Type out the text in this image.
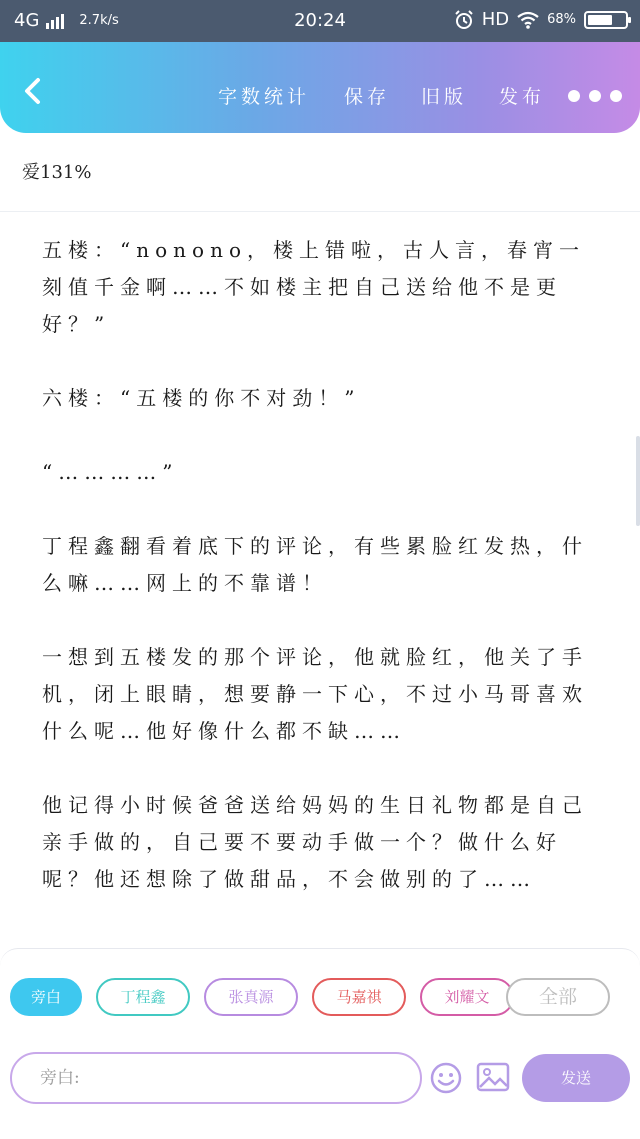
4G	2.7k/s	20:24	HD	68%
字数统计 保存 旧版 发布
爱131%

五楼：“nonono，楼上错啦，古人言，春宵一刻值千金啊……不如楼主把自己送给他不是更好？”

六楼：“五楼的你不对劲！”

“…………”

丁程鑫翻看着底下的评论，有些累脸红发热，什么嘛……网上的不靠谱！

一想到五楼发的那个评论，他就脸红，他关了手机，闭上眼睛，想要静一下心，不过小马哥喜欢什么呢…他好像什么都不缺……

他记得小时候爸爸送给妈妈的生日礼物都是自己亲手做的，自己要不要动手做一个？做什么好呢？他还想除了做甜品，不会做别的了……

旁白	丁程鑫	张真源	马嘉祺	刘耀文	全部
旁白:	发送
